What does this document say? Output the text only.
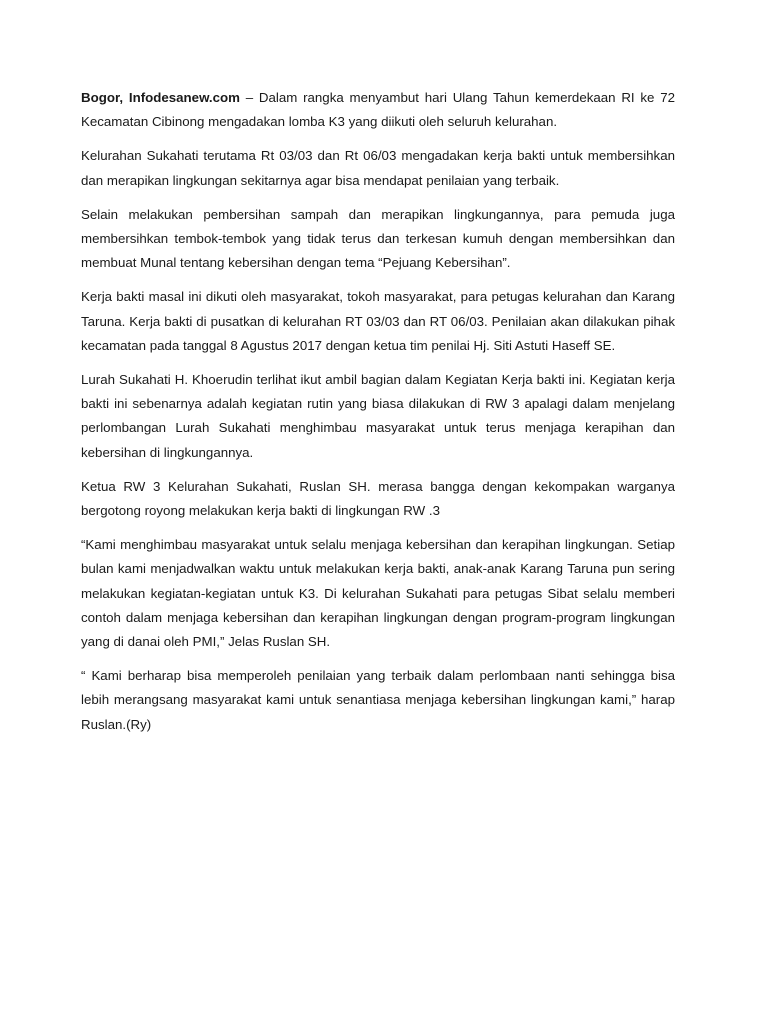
Bogor, Infodesanew.com – Dalam rangka menyambut hari Ulang Tahun kemerdekaan RI ke 72 Kecamatan Cibinong mengadakan lomba K3 yang diikuti oleh seluruh kelurahan.

Kelurahan Sukahati terutama Rt 03/03 dan Rt 06/03 mengadakan kerja bakti untuk membersihkan dan merapikan lingkungan sekitarnya agar bisa mendapat penilaian yang terbaik.

Selain melakukan pembersihan sampah dan merapikan lingkungannya, para pemuda juga membersihkan tembok-tembok yang tidak terus dan terkesan kumuh dengan membersihkan dan membuat Munal tentang kebersihan dengan tema “Pejuang Kebersihan”.

Kerja bakti masal ini dikuti oleh masyarakat, tokoh masyarakat, para petugas kelurahan dan Karang Taruna. Kerja bakti di pusatkan di kelurahan RT 03/03 dan RT 06/03. Penilaian akan dilakukan pihak kecamatan pada tanggal 8 Agustus 2017 dengan ketua tim penilai Hj. Siti Astuti Haseff SE.

Lurah Sukahati H. Khoerudin terlihat ikut ambil bagian dalam Kegiatan Kerja bakti ini. Kegiatan kerja bakti ini sebenarnya adalah kegiatan rutin yang biasa dilakukan di RW 3 apalagi dalam menjelang perlombangan Lurah Sukahati menghimbau masyarakat untuk terus menjaga kerapihan dan kebersihan di lingkungannya.

Ketua RW 3 Kelurahan Sukahati, Ruslan SH. merasa bangga dengan kekompakan warganya bergotong royong melakukan kerja bakti di lingkungan RW .3

“Kami menghimbau masyarakat untuk selalu menjaga kebersihan dan kerapihan lingkungan. Setiap bulan kami menjadwalkan waktu untuk melakukan kerja bakti, anak-anak Karang Taruna pun sering melakukan kegiatan-kegiatan untuk K3. Di kelurahan Sukahati para petugas Sibat selalu memberi contoh dalam menjaga kebersihan dan kerapihan lingkungan dengan program-program lingkungan yang di danai oleh PMI,” Jelas Ruslan SH.

“ Kami berharap bisa memperoleh penilaian yang terbaik dalam perlombaan nanti sehingga bisa lebih merangsang masyarakat kami untuk senantiasa menjaga kebersihan lingkungan kami,” harap Ruslan.(Ry)
